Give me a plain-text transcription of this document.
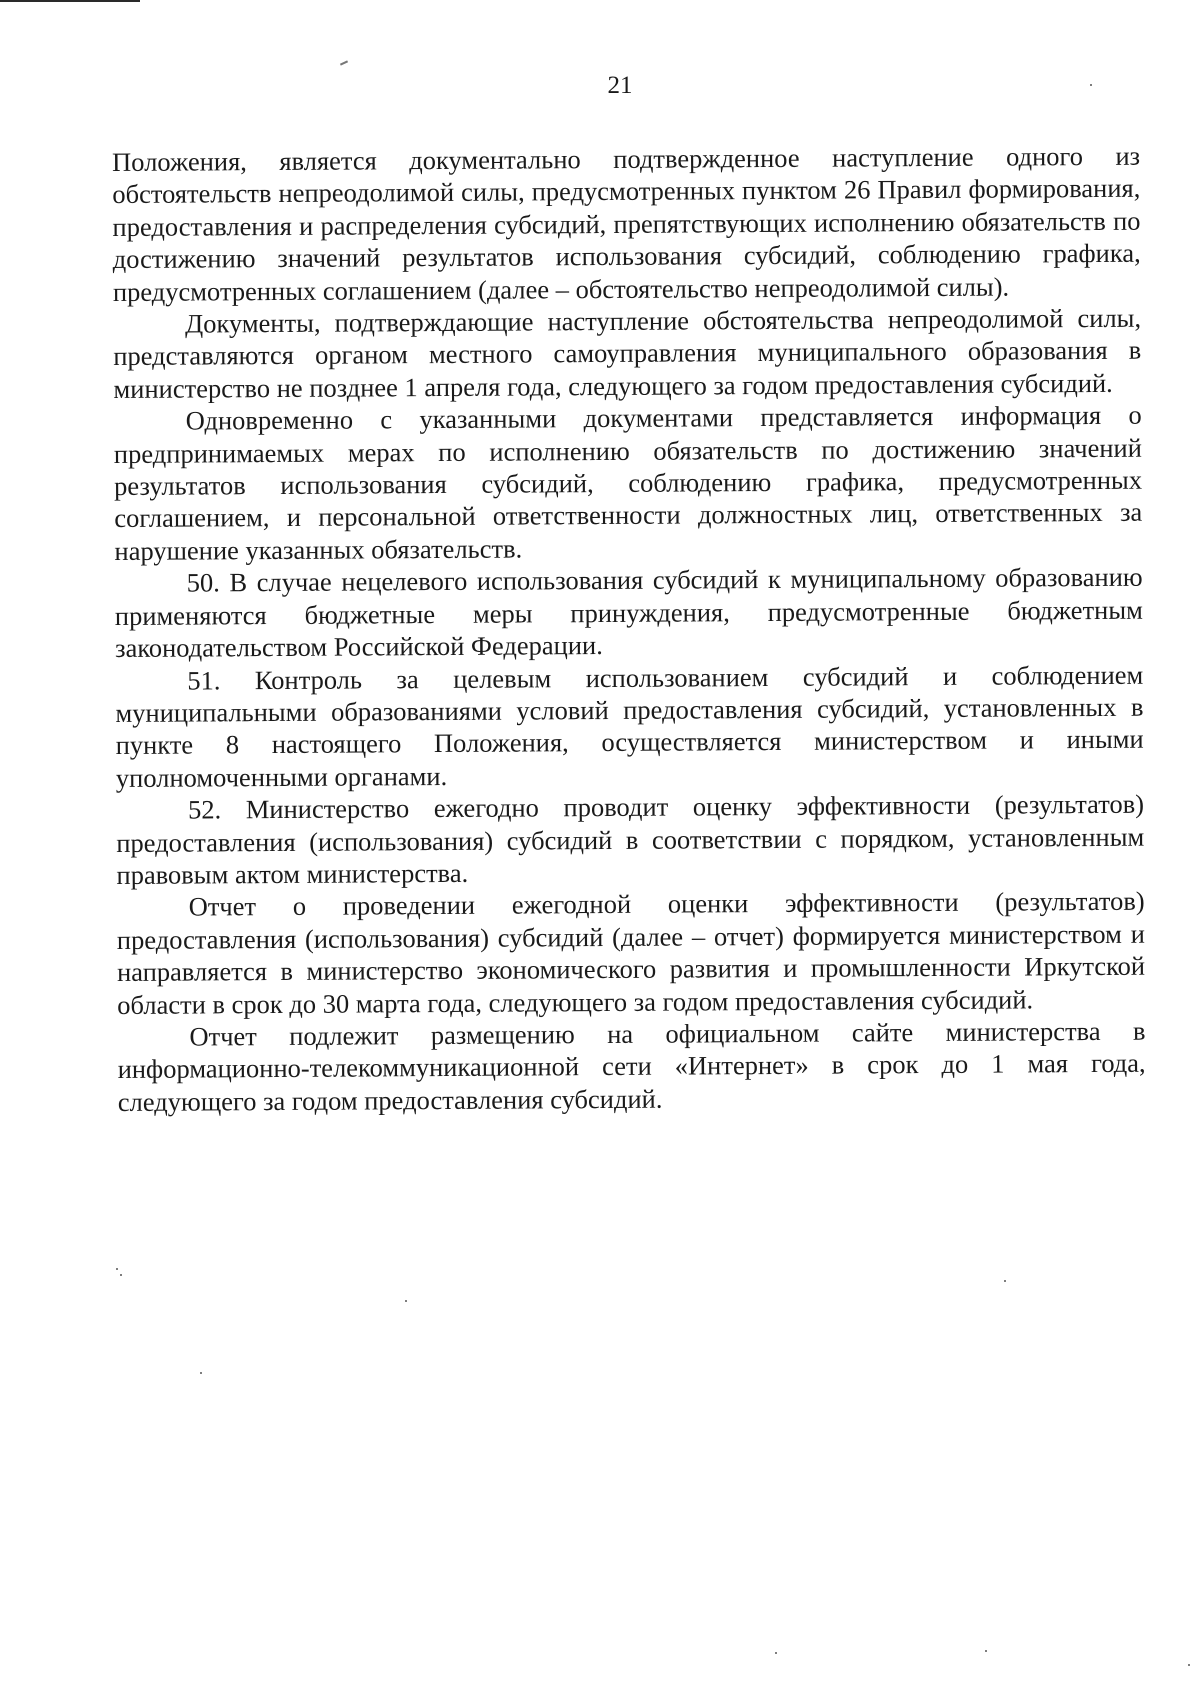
21

Положения, является документально подтвержденное наступление одного из обстоятельств непреодолимой силы, предусмотренных пунктом 26 Правил формирования, предоставления и распределения субсидий, препятствующих исполнению обязательств по достижению значений результатов использования субсидий, соблюдению графика, предусмотренных соглашением (далее – обстоятельство непреодолимой силы).

Документы, подтверждающие наступление обстоятельства непреодолимой силы, представляются органом местного самоуправления муниципального образования в министерство не позднее 1 апреля года, следующего за годом предоставления субсидий.

Одновременно с указанными документами представляется информация о предпринимаемых мерах по исполнению обязательств по достижению значений результатов использования субсидий, соблюдению графика, предусмотренных соглашением, и персональной ответственности должностных лиц, ответственных за нарушение указанных обязательств.

50. В случае нецелевого использования субсидий к муниципальному образованию применяются бюджетные меры принуждения, предусмотренные бюджетным законодательством Российской Федерации.

51. Контроль за целевым использованием субсидий и соблюдением муниципальными образованиями условий предоставления субсидий, установленных в пункте 8 настоящего Положения, осуществляется министерством и иными уполномоченными органами.

52. Министерство ежегодно проводит оценку эффективности (результатов) предоставления (использования) субсидий в соответствии с порядком, установленным правовым актом министерства.

Отчет о проведении ежегодной оценки эффективности (результатов) предоставления (использования) субсидий (далее – отчет) формируется министерством и направляется в министерство экономического развития и промышленности Иркутской области в срок до 30 марта года, следующего за годом предоставления субсидий.

Отчет подлежит размещению на официальном сайте министерства в информационно-телекоммуникационной сети «Интернет» в срок до 1 мая года, следующего за годом предоставления субсидий.
